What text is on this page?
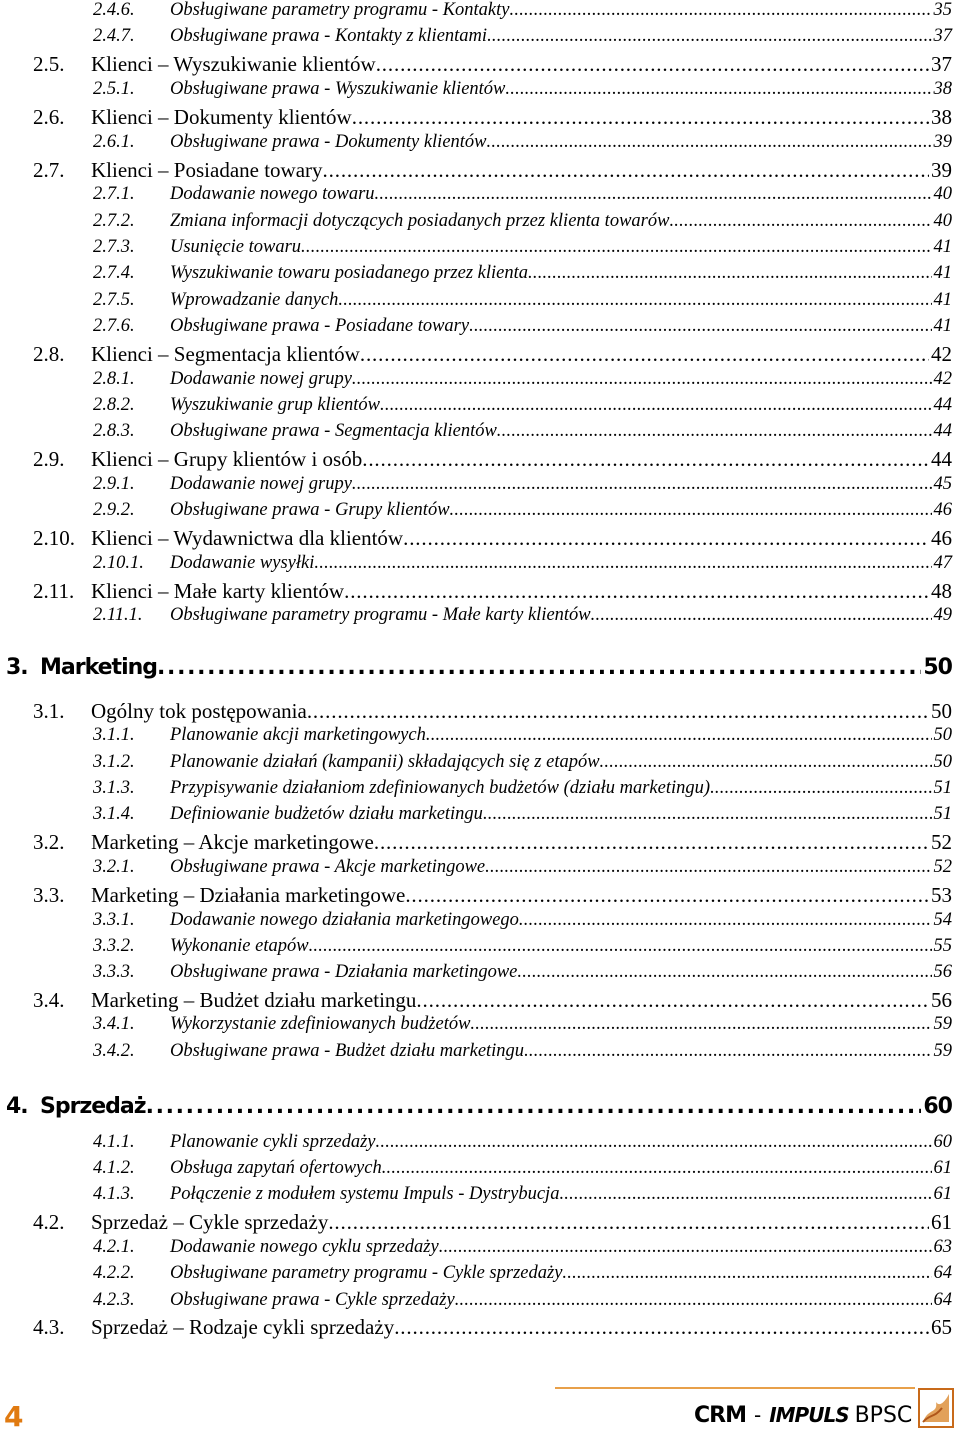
2.4.6.	Obsługiwane parametry programu - Kontakty . . .	35
2.4.7.	Obsługiwane prawa - Kontakty z klientami . . .	37
2.5.	Klienci – Wyszukiwanie klientów . . .	37
2.5.1.	Obsługiwane prawa - Wyszukiwanie klientów . . .	38
2.6.	Klienci – Dokumenty klientów . . .	38
2.6.1.	Obsługiwane prawa - Dokumenty klientów . . .	39
2.7.	Klienci – Posiadane towary . . .	39
2.7.1.	Dodawanie nowego towaru . . .	40
2.7.2.	Zmiana informacji dotyczących posiadanych przez klienta towarów . . .	40
2.7.3.	Usunięcie towaru . . .	41
2.7.4.	Wyszukiwanie towaru posiadanego przez klienta . . .	41
2.7.5.	Wprowadzanie danych . . .	41
2.7.6.	Obsługiwane prawa - Posiadane towary . . .	41
2.8.	Klienci – Segmentacja klientów . . .	42
2.8.1.	Dodawanie nowej grupy . . .	42
2.8.2.	Wyszukiwanie grup klientów . . .	44
2.8.3.	Obsługiwane prawa - Segmentacja klientów . . .	44
2.9.	Klienci – Grupy klientów i osób . . .	44
2.9.1.	Dodawanie nowej grupy . . .	45
2.9.2.	Obsługiwane prawa - Grupy klientów . . .	46
2.10. Klienci – Wydawnictwa dla klientów . . .	46
2.10.1.	Dodawanie wysyłki . . .	47
2.11. Klienci – Małe karty klientów . . .	48
2.11.1.	Obsługiwane parametry programu - Małe karty klientów . . .	49
3. Marketing . . .	50
3.1.	Ogólny tok postępowania . . .	50
3.1.1.	Planowanie akcji marketingowych . . .	50
3.1.2.	Planowanie działań (kampanii) składających się z etapów . . .	50
3.1.3.	Przypisywanie działaniom zdefiniowanych budżetów (działu marketingu) . . .	51
3.1.4.	Definiowanie budżetów działu marketingu . . .	51
3.2.	Marketing – Akcje marketingowe . . .	52
3.2.1.	Obsługiwane prawa - Akcje marketingowe . . .	52
3.3.	Marketing – Działania marketingowe . . .	53
3.3.1.	Dodawanie nowego działania marketingowego . . .	54
3.3.2.	Wykonanie etapów . . .	55
3.3.3.	Obsługiwane prawa - Działania marketingowe . . .	56
3.4.	Marketing – Budżet działu marketingu . . .	56
3.4.1.	Wykorzystanie zdefiniowanych budżetów . . .	59
3.4.2.	Obsługiwane prawa - Budżet działu marketingu . . .	59
4. Sprzedaż . . .	60
4.1.1.	Planowanie cykli sprzedaży . . .	60
4.1.2.	Obsługa zapytań ofertowych . . .	61
4.1.3.	Połączenie z modułem systemu Impuls - Dystrybucja . . .	61
4.2.	Sprzedaż – Cykle sprzedaży . . .	61
4.2.1.	Dodawanie nowego cyklu sprzedaży . . .	63
4.2.2.	Obsługiwane parametry programu - Cykle sprzedaży . . .	64
4.2.3.	Obsługiwane prawa - Cykle sprzedaży . . .	64
4.3.	Sprzedaż – Rodzaje cykli sprzedaży . . .	65
4	CRM - IMPULS BPSC
